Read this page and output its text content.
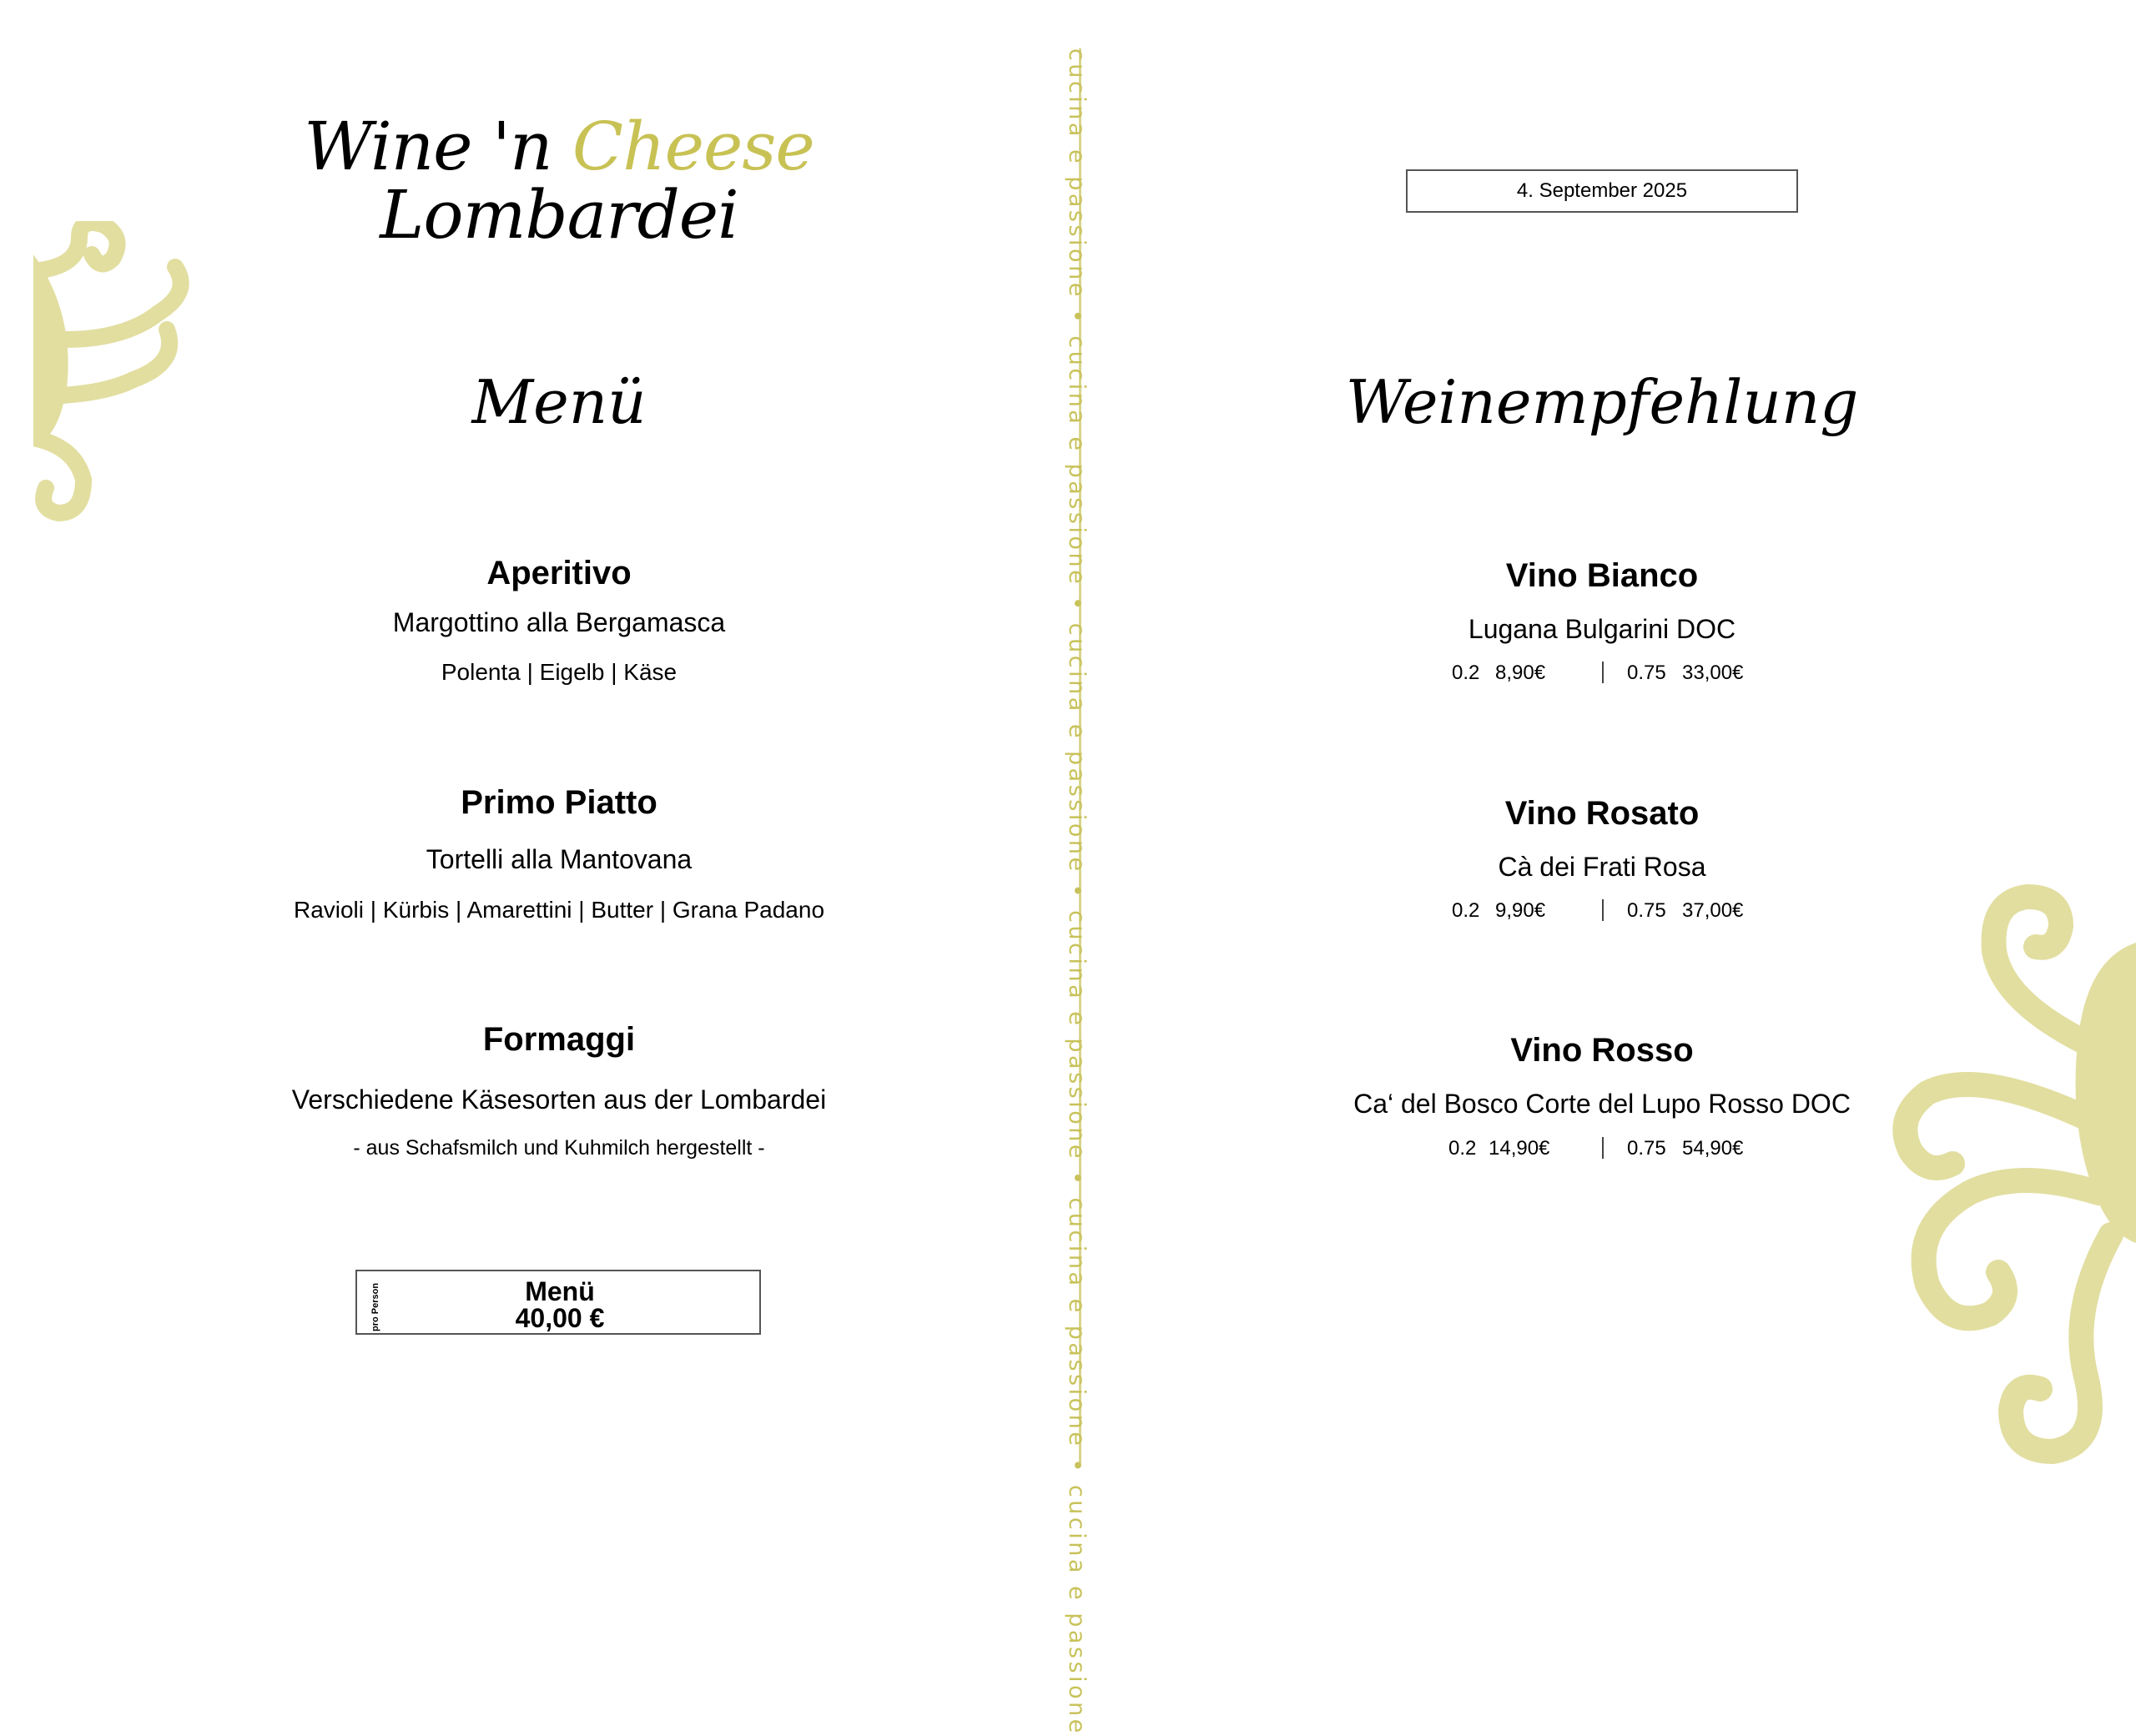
Wine 'n Cheese
Lombardei
Menü
Aperitivo
Margottino alla Bergamasca
Polenta | Eigelb | Käse
Primo Piatto
Tortelli alla Mantovana
Ravioli | Kürbis | Amarettini | Butter | Grana Padano
Formaggi
Verschiedene Käsesorten aus der Lombardei
- aus Schafsmilch und Kuhmilch hergestellt -
pro Person	Menü
40,00 €	cucina e passione • cucina e passione • cucina e passione • cucina e passione • cucina e passione • cucina e passione	4. September 2025
Weinempfehlung
Vino Bianco
Lugana Bulgarini DOC
0.2 8,90€	0.75 33,00€
Vino Rosato
Cà dei Frati Rosa
0.2 9,90€	0.75 37,00€
Vino Rosso
Ca‘ del Bosco Corte del Lupo Rosso DOC
0.2 14,90€	0.75 54,90€
